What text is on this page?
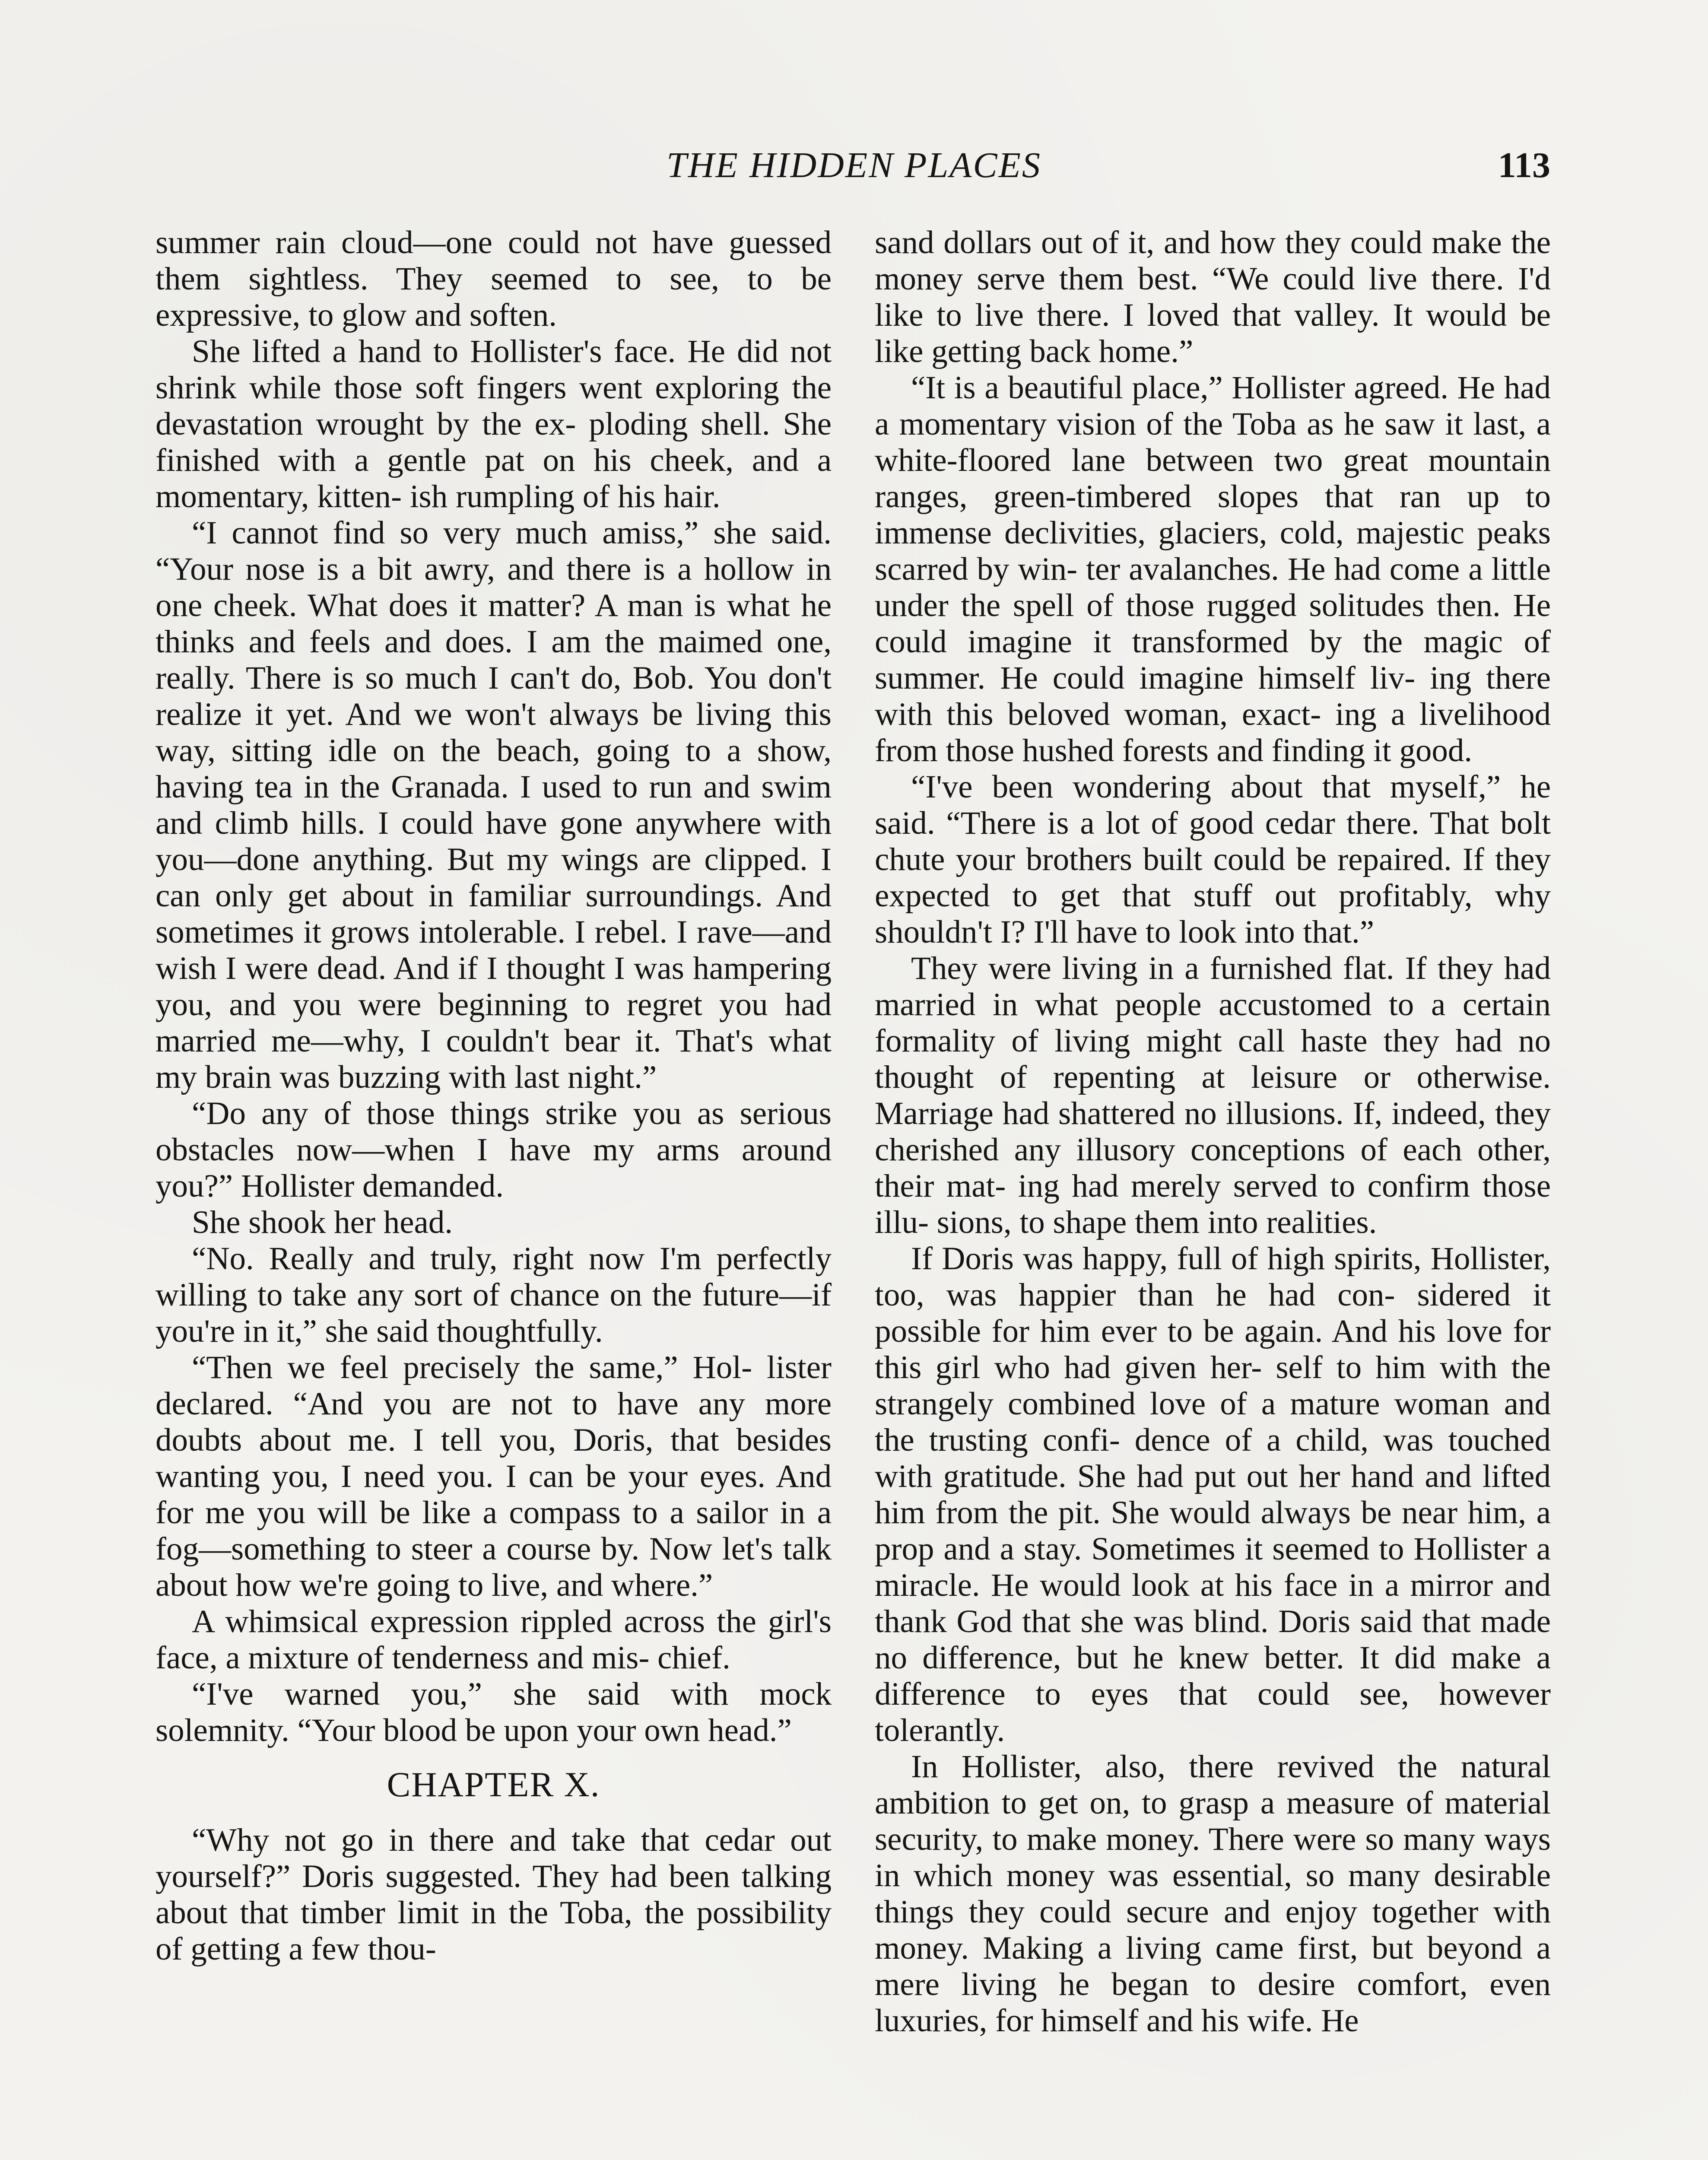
THE HIDDEN PLACES	113

summer rain cloud—one could not have guessed them sightless. They seemed to see, to be expressive, to glow and soften.

She lifted a hand to Hollister's face. He did not shrink while those soft fingers went exploring the devastation wrought by the ex- ploding shell. She finished with a gentle pat on his cheek, and a momentary, kitten- ish rumpling of his hair.

“I cannot find so very much amiss,” she said. “Your nose is a bit awry, and there is a hollow in one cheek. What does it matter? A man is what he thinks and feels and does. I am the maimed one, really. There is so much I can't do, Bob. You don't realize it yet. And we won't always be living this way, sitting idle on the beach, going to a show, having tea in the Granada. I used to run and swim and climb hills. I could have gone anywhere with you—done anything. But my wings are clipped. I can only get about in familiar surroundings. And sometimes it grows intolerable. I rebel. I rave—and wish I were dead. And if I thought I was hampering you, and you were beginning to regret you had married me—why, I couldn't bear it. That's what my brain was buzzing with last night.”

“Do any of those things strike you as serious obstacles now—when I have my arms around you?” Hollister demanded.

She shook her head.

“No. Really and truly, right now I'm perfectly willing to take any sort of chance on the future—if you're in it,” she said thoughtfully.

“Then we feel precisely the same,” Hol- lister declared. “And you are not to have any more doubts about me. I tell you, Doris, that besides wanting you, I need you. I can be your eyes. And for me you will be like a compass to a sailor in a fog—something to steer a course by. Now let's talk about how we're going to live, and where.”

A whimsical expression rippled across the girl's face, a mixture of tenderness and mis- chief.

“I've warned you,” she said with mock solemnity. “Your blood be upon your own head.”

CHAPTER X.

“Why not go in there and take that cedar out yourself?” Doris suggested. They had been talking about that timber limit in the Toba, the possibility of getting a few thou-

sand dollars out of it, and how they could make the money serve them best. “We could live there. I'd like to live there. I loved that valley. It would be like getting back home.”

“It is a beautiful place,” Hollister agreed. He had a momentary vision of the Toba as he saw it last, a white-floored lane between two great mountain ranges, green-timbered slopes that ran up to immense declivities, glaciers, cold, majestic peaks scarred by win- ter avalanches. He had come a little under the spell of those rugged solitudes then. He could imagine it transformed by the magic of summer. He could imagine himself liv- ing there with this beloved woman, exact- ing a livelihood from those hushed forests and finding it good.

“I've been wondering about that myself,” he said. “There is a lot of good cedar there. That bolt chute your brothers built could be repaired. If they expected to get that stuff out profitably, why shouldn't I? I'll have to look into that.”

They were living in a furnished flat. If they had married in what people accustomed to a certain formality of living might call haste they had no thought of repenting at leisure or otherwise. Marriage had shattered no illusions. If, indeed, they cherished any illusory conceptions of each other, their mat- ing had merely served to confirm those illu- sions, to shape them into realities.

If Doris was happy, full of high spirits, Hollister, too, was happier than he had con- sidered it possible for him ever to be again. And his love for this girl who had given her- self to him with the strangely combined love of a mature woman and the trusting confi- dence of a child, was touched with gratitude. She had put out her hand and lifted him from the pit. She would always be near him, a prop and a stay. Sometimes it seemed to Hollister a miracle. He would look at his face in a mirror and thank God that she was blind. Doris said that made no difference, but he knew better. It did make a difference to eyes that could see, however tolerantly.

In Hollister, also, there revived the natural ambition to get on, to grasp a measure of material security, to make money. There were so many ways in which money was essential, so many desirable things they could secure and enjoy together with money. Making a living came first, but beyond a mere living he began to desire comfort, even luxuries, for himself and his wife. He
